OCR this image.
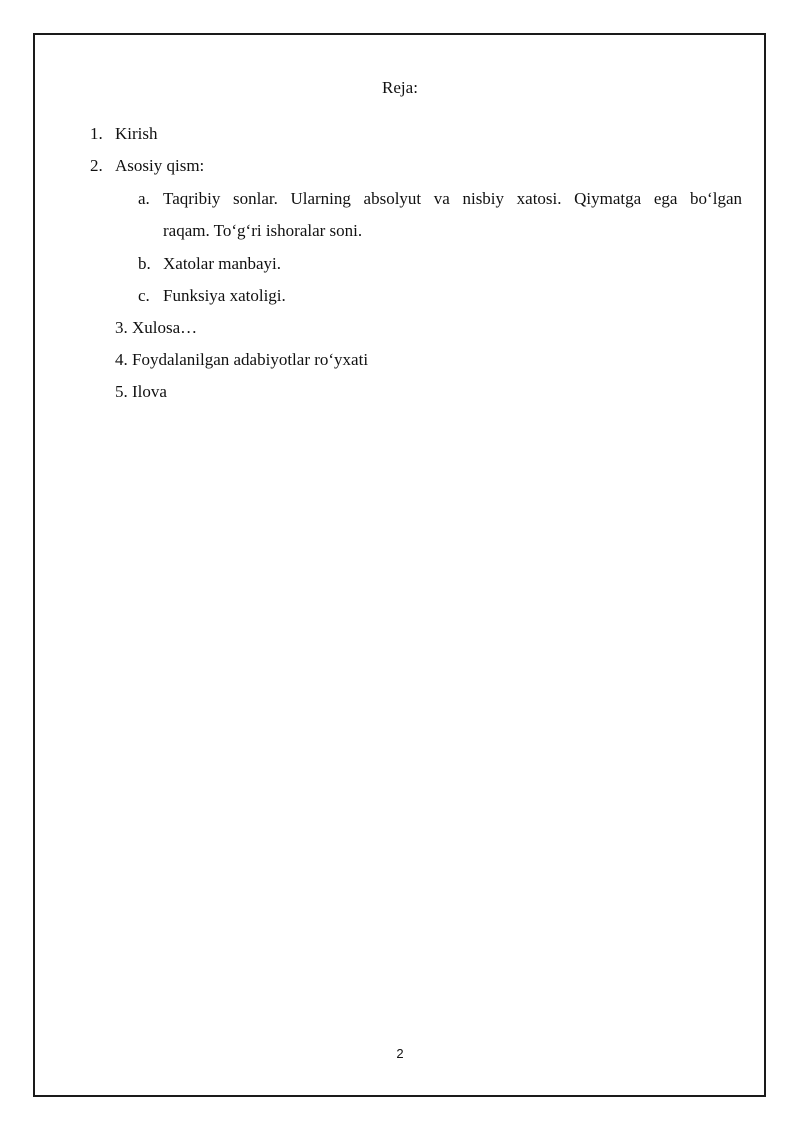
Reja:
1. Kirish
2. Asosiy qism:
a. Taqribiy sonlar. Ularning absolyut va nisbiy xatosi. Qiymatga ega bo‘lgan
raqam. To‘g‘ri ishoralar soni.
b. Xatolar manbayi.
c. Funksiya xatoligi.
3. Xulosa…
4. Foydalanilgan adabiyotlar ro‘yxati
5. Ilova
2
